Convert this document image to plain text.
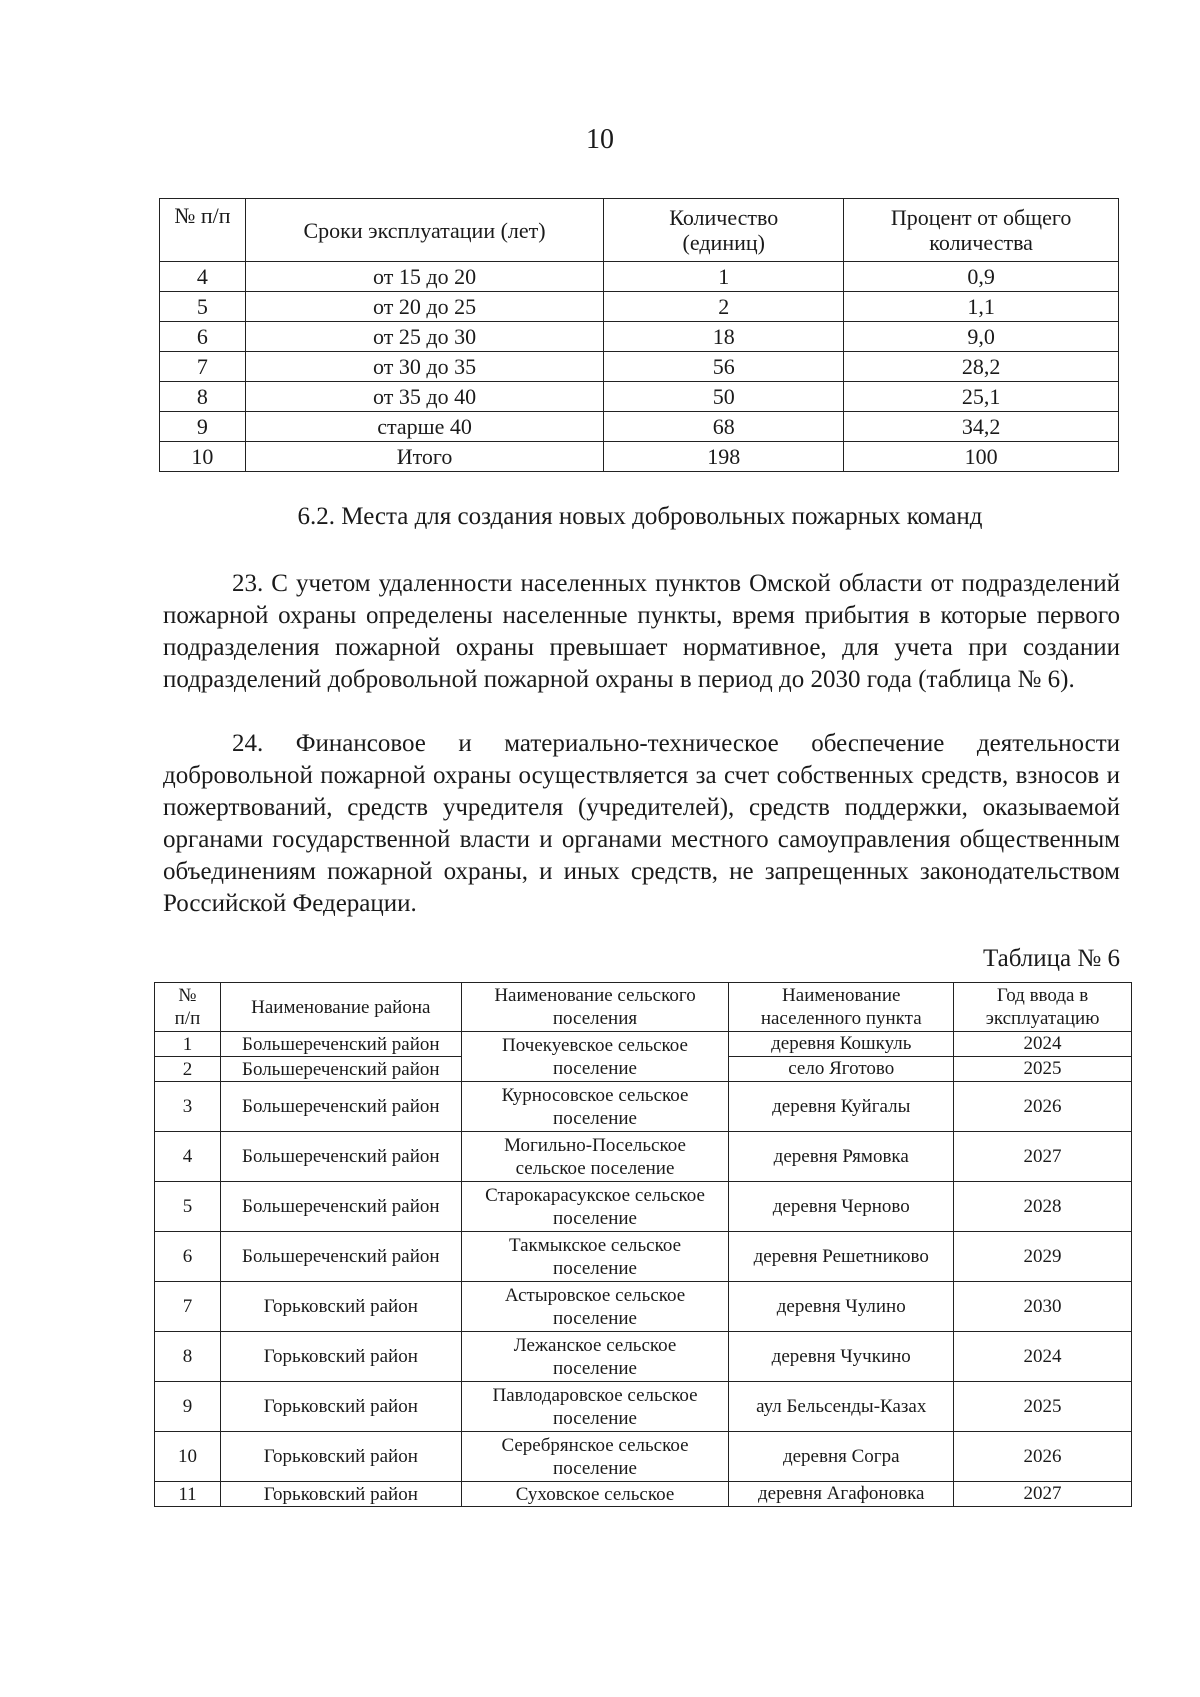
10
№ п/п	Сроки эксплуатации (лет)	Количество (единиц)	Процент от общего количества
4	от 15 до 20	1	0,9
5	от 20 до 25	2	1,1
6	от 25 до 30	18	9,0
7	от 30 до 35	56	28,2
8	от 35 до 40	50	25,1
9	старше 40	68	34,2
10	Итого	198	100
6.2. Места для создания новых добровольных пожарных команд

23. С учетом удаленности населенных пунктов Омской области от подразделений пожарной охраны определены населенные пункты, время прибытия в которые первого подразделения пожарной охраны превышает нормативное, для учета при создании подразделений добровольной пожарной охраны в период до 2030 года (таблица № 6).

24. Финансовое и материально-техническое обеспечение деятельности добровольной пожарной охраны осуществляется за счет собственных средств, взносов и пожертвований, средств учредителя (учредителей), средств поддержки, оказываемой органами государственной власти и органами местного самоуправления общественным объединениям пожарной охраны, и иных средств, не запрещенных законодательством Российской Федерации.

Таблица № 6
№ п/п	Наименование района	Наименование сельского поселения	Наименование населенного пункта	Год ввода в эксплуатацию
1	Большереченский район	Почекуевское сельское поселение	деревня Кошкуль	2024
2	Большереченский район		село Яготово	2025
3	Большереченский район	Курносовское сельское поселение	деревня Куйгалы	2026
4	Большереченский район	Могильно-Посельское сельское поселение	деревня Рямовка	2027
5	Большереченский район	Старокарасукское сельское поселение	деревня Черново	2028
6	Большереченский район	Такмыкское сельское поселение	деревня Решетниково	2029
7	Горьковский район	Астыровское сельское поселение	деревня Чулино	2030
8	Горьковский район	Лежанское сельское поселение	деревня Чучкино	2024
9	Горьковский район	Павлодаровское сельское поселение	аул Бельсенды-Казах	2025
10	Горьковский район	Серебрянское сельское поселение	деревня Согра	2026
11	Горьковский район	Суховское сельское	деревня Агафоновка	2027
